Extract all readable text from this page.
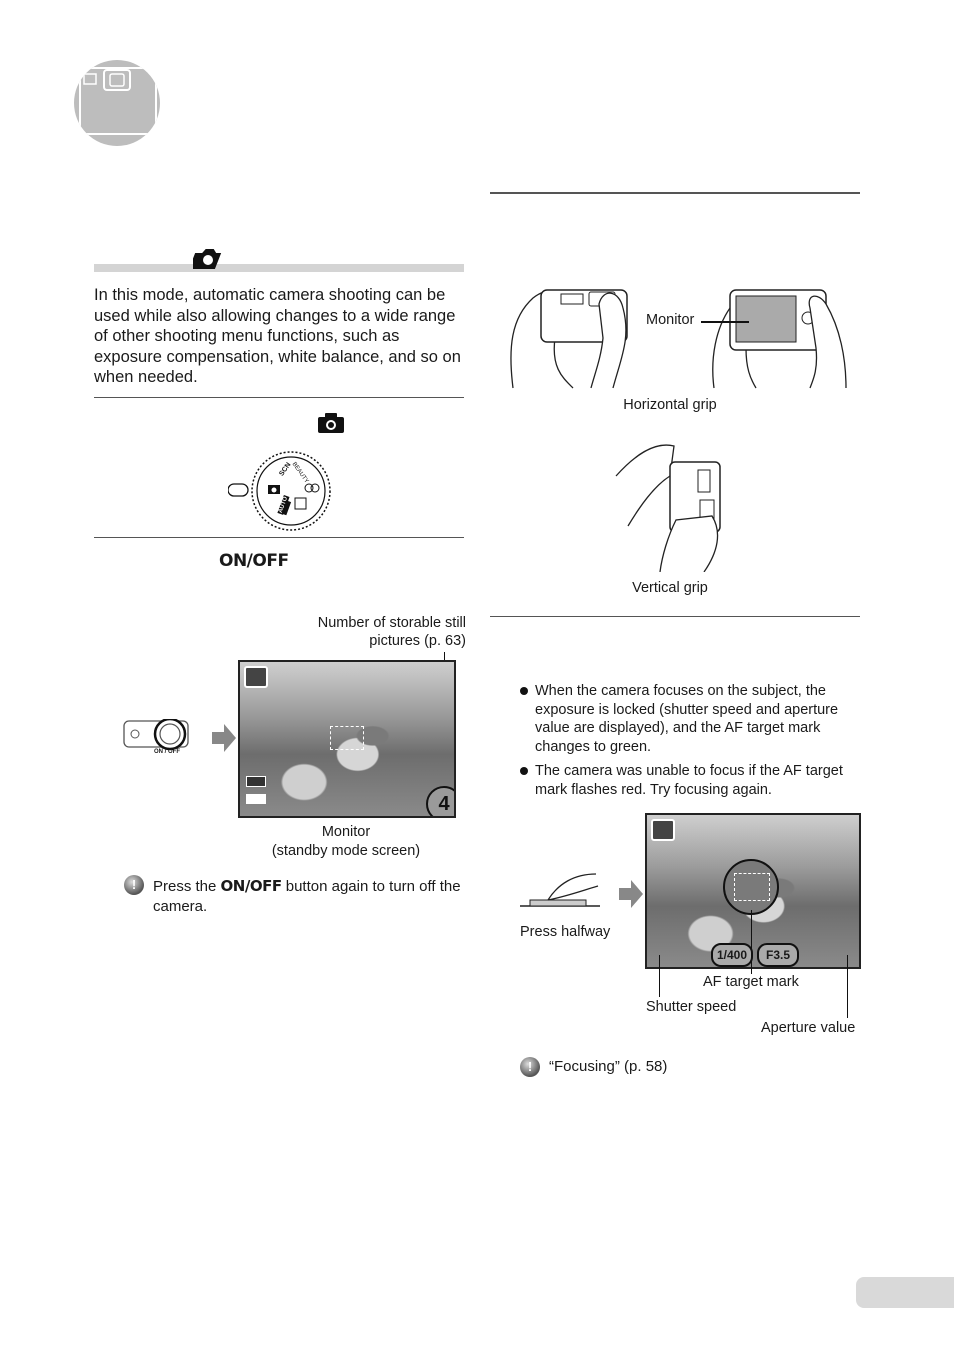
In this mode, automatic camera shooting can be used while also allowing changes to a wide range of other shooting menu functions, such as exposure compensation, white balance, and so on when needed.
SCN
BEAUTY
AUTO
ON/OFF
Number of storable still pictures (p. 63)
ON / OFF
4
Monitor
(standby mode screen)
!	Press the ON/OFF button again to turn off the camera.
Monitor
Horizontal grip
Vertical grip
When the camera focuses on the subject, the exposure is locked (shutter speed and aperture value are displayed), and the AF target mark changes to green.
The camera was unable to focus if the AF target mark flashes red. Try focusing again.
Press halfway
1/400	F3.5
AF target mark
Shutter speed
Aperture value
!	“Focusing” (p. 58)
